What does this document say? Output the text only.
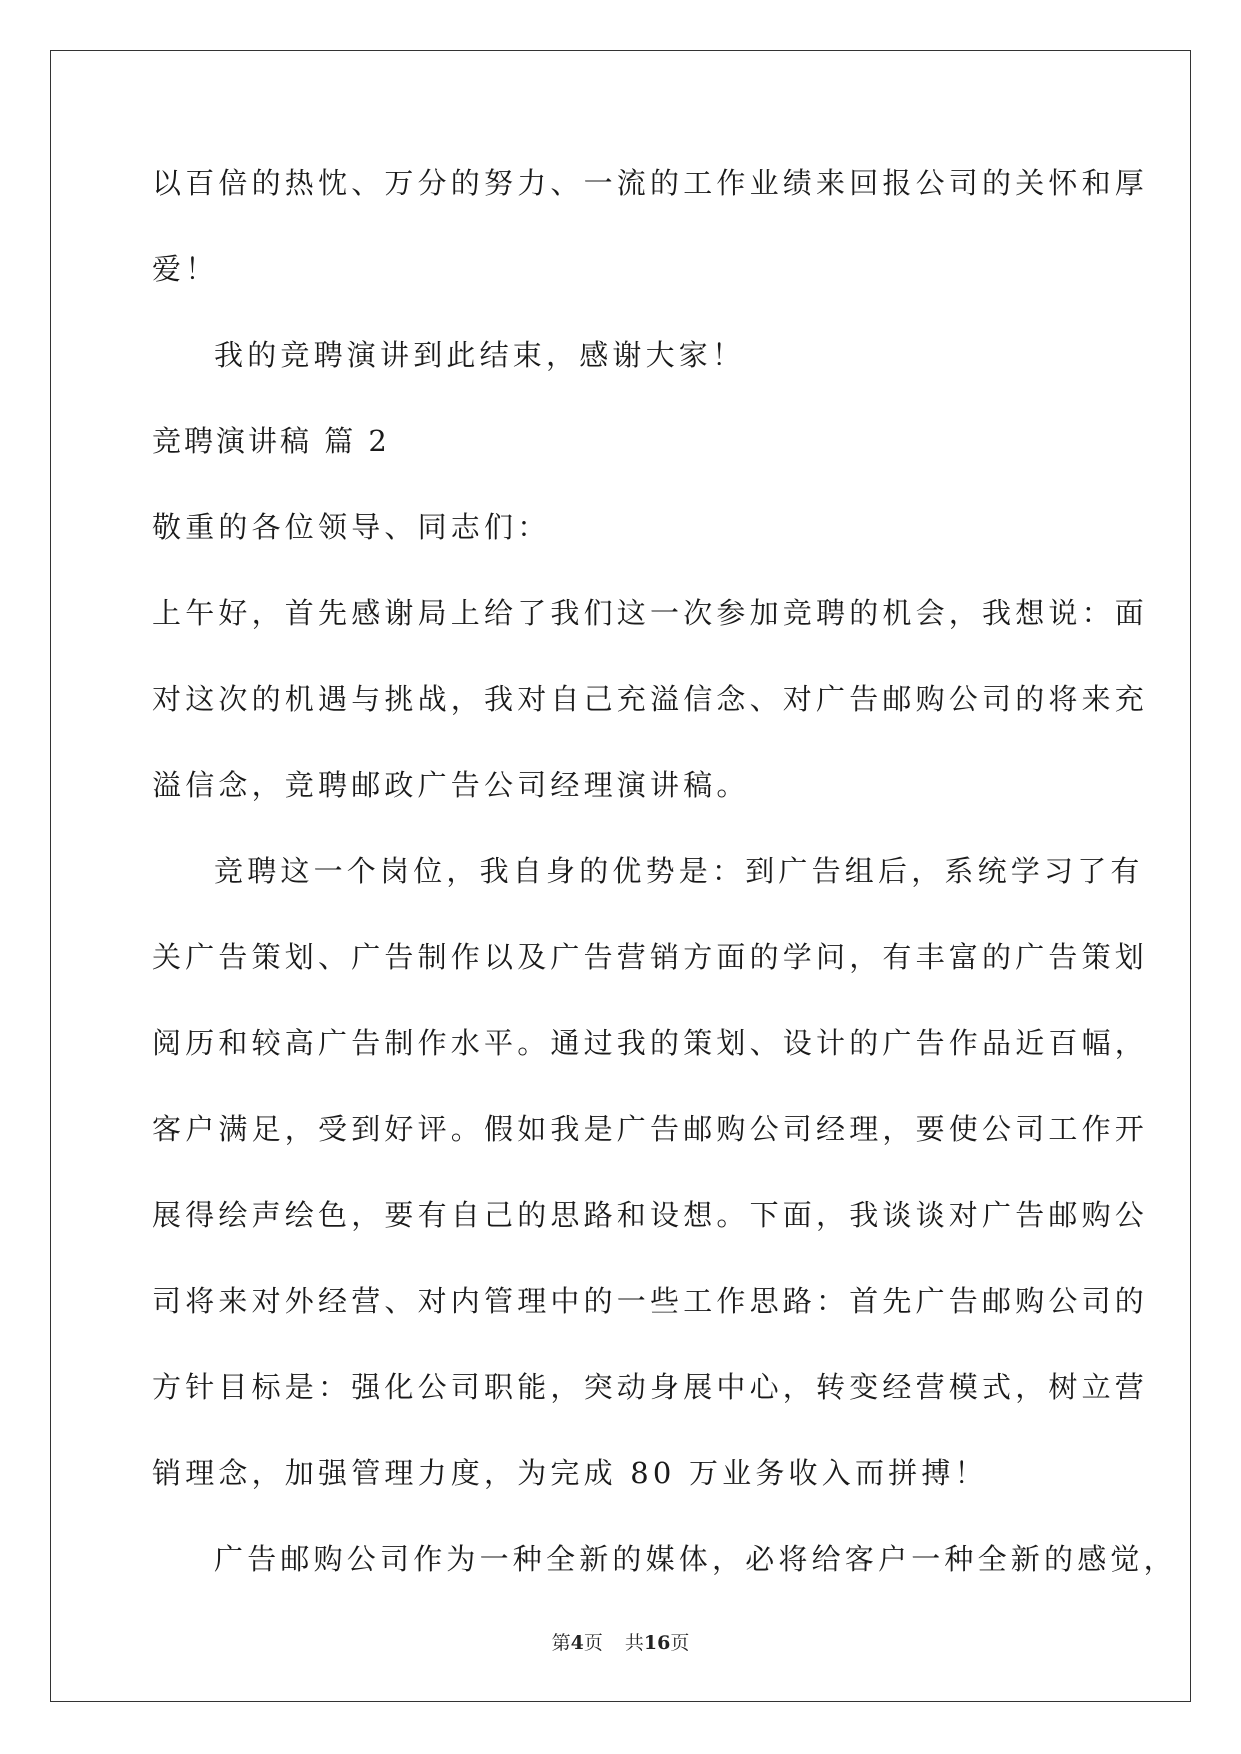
以百倍的热忱、万分的努力、一流的工作业绩来回报公司的关怀和厚
爱！
我的竞聘演讲到此结束，感谢大家！
竞聘演讲稿 篇 2
敬重的各位领导、同志们：
上午好，首先感谢局上给了我们这一次参加竞聘的机会，我想说：面
对这次的机遇与挑战，我对自己充溢信念、对广告邮购公司的将来充
溢信念，竞聘邮政广告公司经理演讲稿。
竞聘这一个岗位，我自身的优势是：到广告组后，系统学习了有
关广告策划、广告制作以及广告营销方面的学问，有丰富的广告策划
阅历和较高广告制作水平。通过我的策划、设计的广告作品近百幅，
客户满足，受到好评。假如我是广告邮购公司经理，要使公司工作开
展得绘声绘色，要有自己的思路和设想。下面，我谈谈对广告邮购公
司将来对外经营、对内管理中的一些工作思路：首先广告邮购公司的
方针目标是：强化公司职能，突动身展中心，转变经营模式，树立营
销理念，加强管理力度，为完成 80 万业务收入而拼搏！
广告邮购公司作为一种全新的媒体，必将给客户一种全新的感觉，
第4页 共16页
